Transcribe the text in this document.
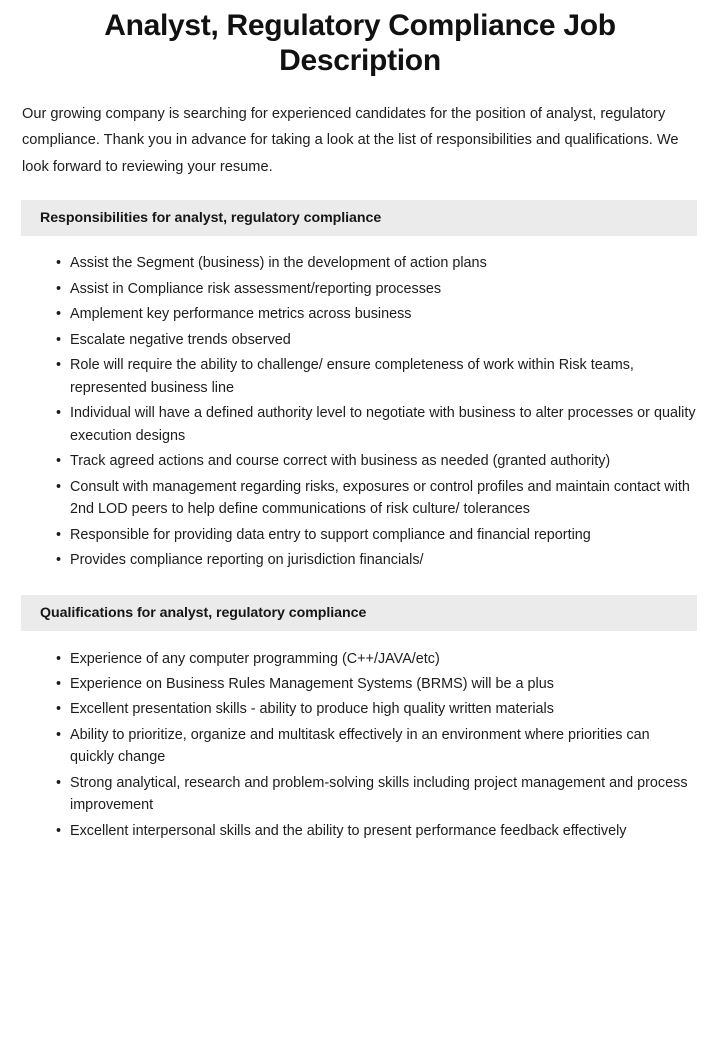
Analyst, Regulatory Compliance Job Description

Our growing company is searching for experienced candidates for the position of analyst, regulatory compliance. Thank you in advance for taking a look at the list of responsibilities and qualifications. We look forward to reviewing your resume.

Responsibilities for analyst, regulatory compliance
• Assist the Segment (business) in the development of action plans
• Assist in Compliance risk assessment/reporting processes
• Amplement key performance metrics across business
• Escalate negative trends observed
• Role will require the ability to challenge/ ensure completeness of work within Risk teams, represented business line
• Individual will have a defined authority level to negotiate with business to alter processes or quality execution designs
• Track agreed actions and course correct with business as needed (granted authority)
• Consult with management regarding risks, exposures or control profiles and maintain contact with 2nd LOD peers to help define communications of risk culture/ tolerances
• Responsible for providing data entry to support compliance and financial reporting
• Provides compliance reporting on jurisdiction financials/
Qualifications for analyst, regulatory compliance
• Experience of any computer programming (C++/JAVA/etc)
• Experience on Business Rules Management Systems (BRMS) will be a plus
• Excellent presentation skills - ability to produce high quality written materials
• Ability to prioritize, organize and multitask effectively in an environment where priorities can quickly change
• Strong analytical, research and problem-solving skills including project management and process improvement
• Excellent interpersonal skills and the ability to present performance feedback effectively
